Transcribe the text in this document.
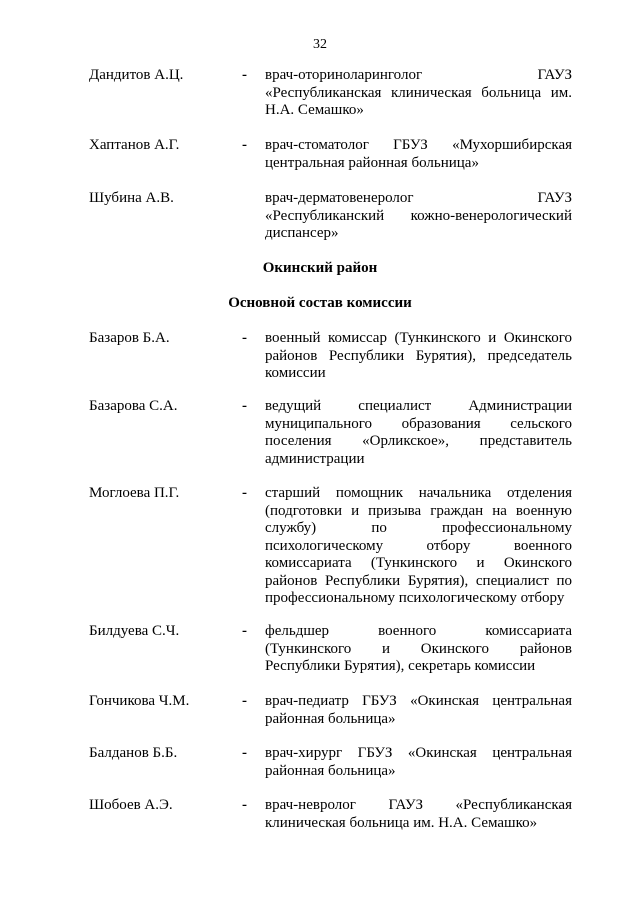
32
Дандитов А.Ц.	- врач-оториноларинголог ГАУЗ
«Республиканская клиническая больница им.
Н.А. Семашко»
Хаптанов А.Г.	- врач-стоматолог ГБУЗ «Мухоршибирская
центральная районная больница»
Шубина А.В.	врач-дерматовенеролог ГАУЗ
«Республиканский кожно-венерологический
диспансер»
Окинский район
Основной состав комиссии
Базаров Б.А.	- военный комиссар (Тункинского и Окинского
районов Республики Бурятия), председатель
комиссии
Базарова С.А.	- ведущий специалист Администрации
муниципального образования сельского
поселения «Орликское», представитель
администрации
Моглоева П.Г.	- старший помощник начальника отделения
(подготовки и призыва граждан на военную
службу) по профессиональному
психологическому отбору военного
комиссариата (Тункинского и Окинского
районов Республики Бурятия), специалист по
профессиональному психологическому отбору
Билдуева С.Ч.	- фельдшер военного комиссариата
(Тункинского и Окинского районов
Республики Бурятия), секретарь комиссии
Гончикова Ч.М.	- врач-педиатр ГБУЗ «Окинская центральная
районная больница»
Балданов Б.Б.	- врач-хирург ГБУЗ «Окинская центральная
районная больница»
Шобоев А.Э.	- врач-невролог ГАУЗ «Республиканская
клиническая больница им. Н.А. Семашко»
